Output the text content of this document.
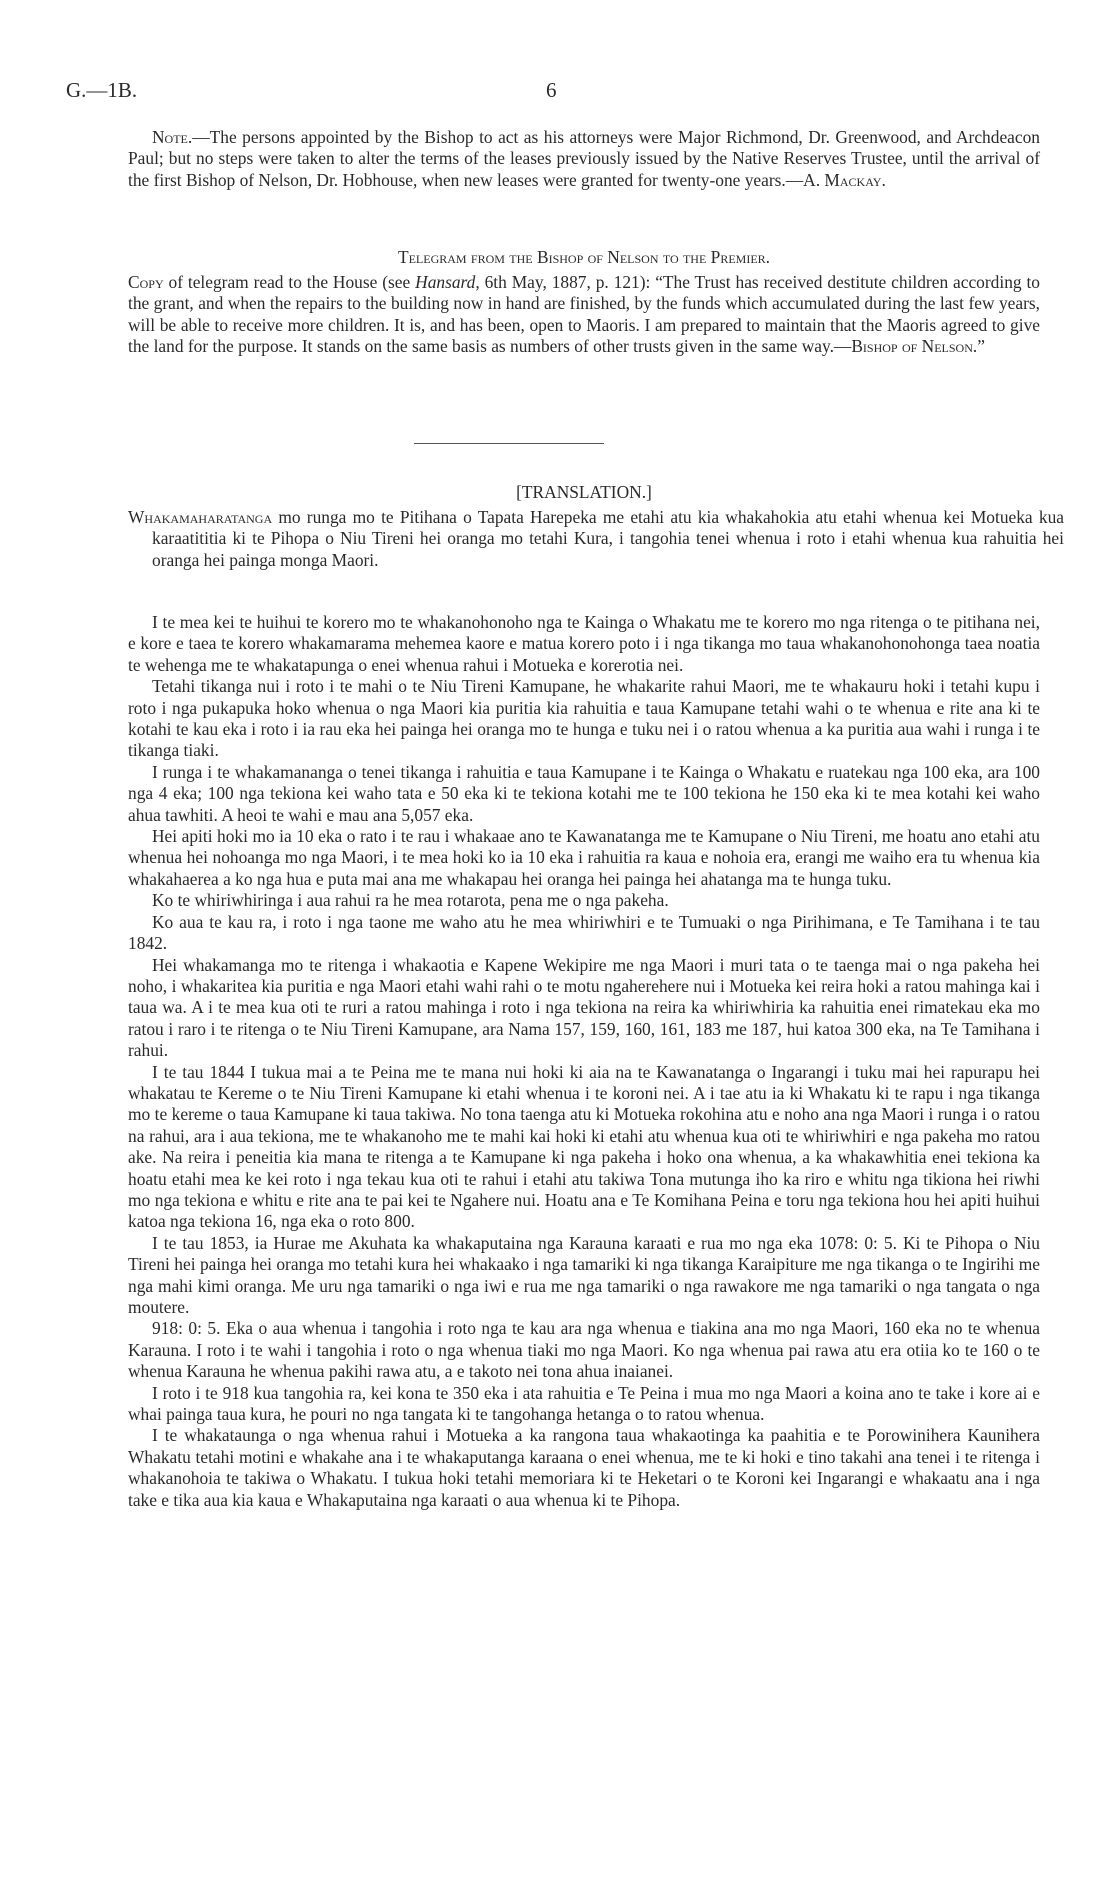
G.—1B.	6
Note.—The persons appointed by the Bishop to act as his attorneys were Major Richmond, Dr. Greenwood, and Archdeacon Paul; but no steps were taken to alter the terms of the leases previously issued by the Native Reserves Trustee, until the arrival of the first Bishop of Nelson, Dr. Hobhouse, when new leases were granted for twenty-one years.—A. Mackay.
Telegram from the Bishop of Nelson to the Premier.
Copy of telegram read to the House (see Hansard, 6th May, 1887, p. 121): “The Trust has received destitute children according to the grant, and when the repairs to the building now in hand are finished, by the funds which accumulated during the last few years, will be able to receive more children. It is, and has been, open to Maoris. I am prepared to maintain that the Maoris agreed to give the land for the purpose. It stands on the same basis as numbers of other trusts given in the same way.—Bishop of Nelson.”
[TRANSLATION.]
Whakamaharatanga mo runga mo te Pitihana o Tapata Harepeka me etahi atu kia whakahokia atu etahi whenua kei Motueka kua karaatititia ki te Pihopa o Niu Tireni hei oranga mo tetahi Kura, i tangohia tenei whenua i roto i etahi whenua kua rahuitia hei oranga hei painga monga Maori.

I te mea kei te huihui te korero mo te whakanohonoho nga te Kainga o Whakatu me te korero mo nga ritenga o te pitihana nei, e kore e taea te korero whakamarama mehemea kaore e matua korero poto i i nga tikanga mo taua whakanohonohonga taea noatia te wehenga me te whakatapunga o enei whenua rahui i Motueka e korerotia nei.

Tetahi tikanga nui i roto i te mahi o te Niu Tireni Kamupane, he whakarite rahui Maori, me te whakauru hoki i tetahi kupu i roto i nga pukapuka hoko whenua o nga Maori kia puritia kia rahuitia e taua Kamupane tetahi wahi o te whenua e rite ana ki te kotahi te kau eka i roto i ia rau eka hei painga hei oranga mo te hunga e tuku nei i o ratou whenua a ka puritia aua wahi i runga i te tikanga tiaki.

I runga i te whakamananga o tenei tikanga i rahuitia e taua Kamupane i te Kainga o Whakatu e ruatekau nga 100 eka, ara 100 nga 4 eka; 100 nga tekiona kei waho tata e 50 eka ki te tekiona kotahi me te 100 tekiona he 150 eka ki te mea kotahi kei waho ahua tawhiti. A heoi te wahi e mau ana 5,057 eka.

Hei apiti hoki mo ia 10 eka o rato i te rau i whakaae ano te Kawanatanga me te Kamupane o Niu Tireni, me hoatu ano etahi atu whenua hei nohoanga mo nga Maori, i te mea hoki ko ia 10 eka i rahuitia ra kaua e nohoia era, erangi me waiho era tu whenua kia whakahaerea a ko nga hua e puta mai ana me whakapau hei oranga hei painga hei ahatanga ma te hunga tuku.

Ko te whiriwhiringa i aua rahui ra he mea rotarota, pena me o nga pakeha.

Ko aua te kau ra, i roto i nga taone me waho atu he mea whiriwhiri e te Tumuaki o nga Pirihimana, e Te Tamihana i te tau 1842.

Hei whakamanga mo te ritenga i whakaotia e Kapene Wekipire me nga Maori i muri tata o te taenga mai o nga pakeha hei noho, i whakaritea kia puritia e nga Maori etahi wahi rahi o te motu ngaherehere nui i Motueka kei reira hoki a ratou mahinga kai i taua wa. A i te mea kua oti te ruri a ratou mahinga i roto i nga tekiona na reira ka whiriwhiria ka rahuitia enei rimatekau eka mo ratou i raro i te ritenga o te Niu Tireni Kamupane, ara Nama 157, 159, 160, 161, 183 me 187, hui katoa 300 eka, na Te Tamihana i rahui.

I te tau 1844 I tukua mai a te Peina me te mana nui hoki ki aia na te Kawanatanga o Ingarangi i tuku mai hei rapurapu hei whakatau te Kereme o te Niu Tireni Kamupane ki etahi whenua i te koroni nei. A i tae atu ia ki Whakatu ki te rapu i nga tikanga mo te kereme o taua Kamupane ki taua takiwa. No tona taenga atu ki Motueka rokohina atu e noho ana nga Maori i runga i o ratou na rahui, ara i aua tekiona, me te whakanoho me te mahi kai hoki ki etahi atu whenua kua oti te whiriwhiri e nga pakeha mo ratou ake. Na reira i peneitia kia mana te ritenga a te Kamupane ki nga pakeha i hoko ona whenua, a ka whakawhitia enei tekiona ka hoatu etahi mea ke kei roto i nga tekau kua oti te rahui i etahi atu takiwa Tona mutunga iho ka riro e whitu nga tikiona hei riwhi mo nga tekiona e whitu e rite ana te pai kei te Ngahere nui. Hoatu ana e Te Komihana Peina e toru nga tekiona hou hei apiti huihui katoa nga tekiona 16, nga eka o roto 800.

I te tau 1853, ia Hurae me Akuhata ka whakaputaina nga Karauna karaati e rua mo nga eka 1078: 0: 5. Ki te Pihopa o Niu Tireni hei painga hei oranga mo tetahi kura hei whakaako i nga tamariki ki nga tikanga Karaipiture me nga tikanga o te Ingirihi me nga mahi kimi oranga. Me uru nga tamariki o nga iwi e rua me nga tamariki o nga rawakore me nga tamariki o nga tangata o nga moutere.

918: 0: 5. Eka o aua whenua i tangohia i roto nga te kau ara nga whenua e tiakina ana mo nga Maori, 160 eka no te whenua Karauna. I roto i te wahi i tangohia i roto o nga whenua tiaki mo nga Maori. Ko nga whenua pai rawa atu era otiia ko te 160 o te whenua Karauna he whenua pakihi rawa atu, a e takoto nei tona ahua inaianei.

I roto i te 918 kua tangohia ra, kei kona te 350 eka i ata rahuitia e Te Peina i mua mo nga Maori a koina ano te take i kore ai e whai painga taua kura, he pouri no nga tangata ki te tangohanga hetanga o to ratou whenua.

I te whakataunga o nga whenua rahui i Motueka a ka rangona taua whakaotinga ka paahitia e te Porowinihera Kaunihera Whakatu tetahi motini e whakahe ana i te whakaputanga karaana o enei whenua, me te ki hoki e tino takahi ana tenei i te ritenga i whakanohoia te takiwa o Whakatu. I tukua hoki tetahi memoriara ki te Heketari o te Koroni kei Ingarangi e whakaatu ana i nga take e tika aua kia kaua e Whakaputaina nga karaati o aua whenua ki te Pihopa.
